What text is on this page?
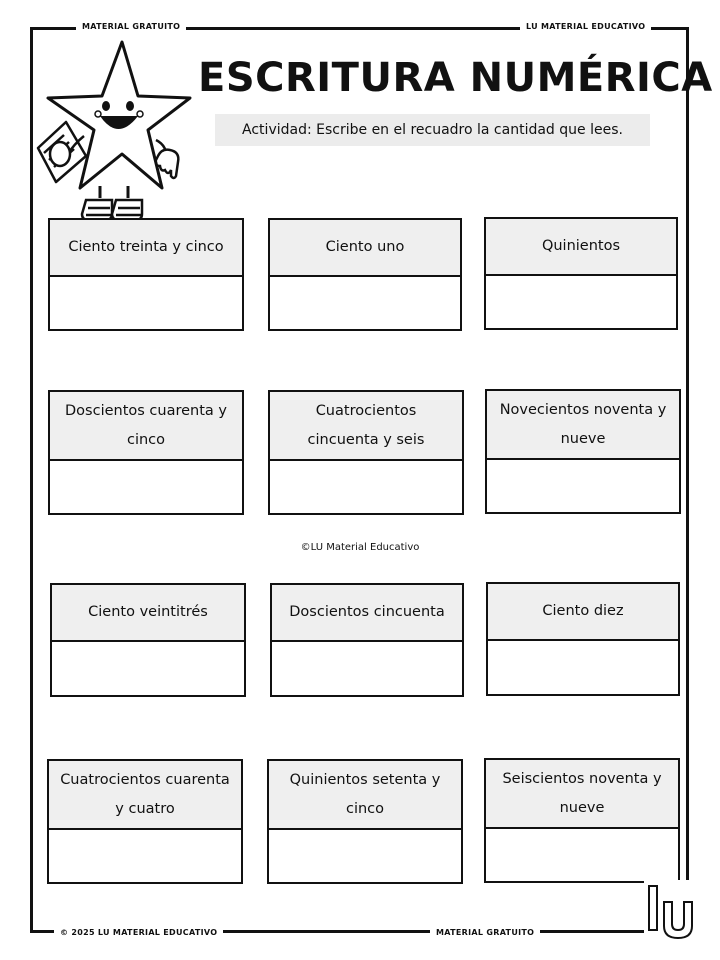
MATERIAL GRATUITO	LU MATERIAL EDUCATIVO
© 2025 LU MATERIAL EDUCATIVO	MATERIAL GRATUITO
ESCRITURA NUMÉRICA
Actividad: Escribe en el recuadro la cantidad que lees.
Ciento treinta y cinco	Ciento uno	Quinientos
Doscientos cuarenta y cinco
Cuatrocientos cincuenta y seis
Novecientos noventa y nueve
©LU Material Educativo
Ciento veintitrés	Doscientos cincuenta	Ciento diez
Cuatrocientos cuarenta y cuatro
Quinientos setenta y cinco
Seiscientos noventa y nueve
